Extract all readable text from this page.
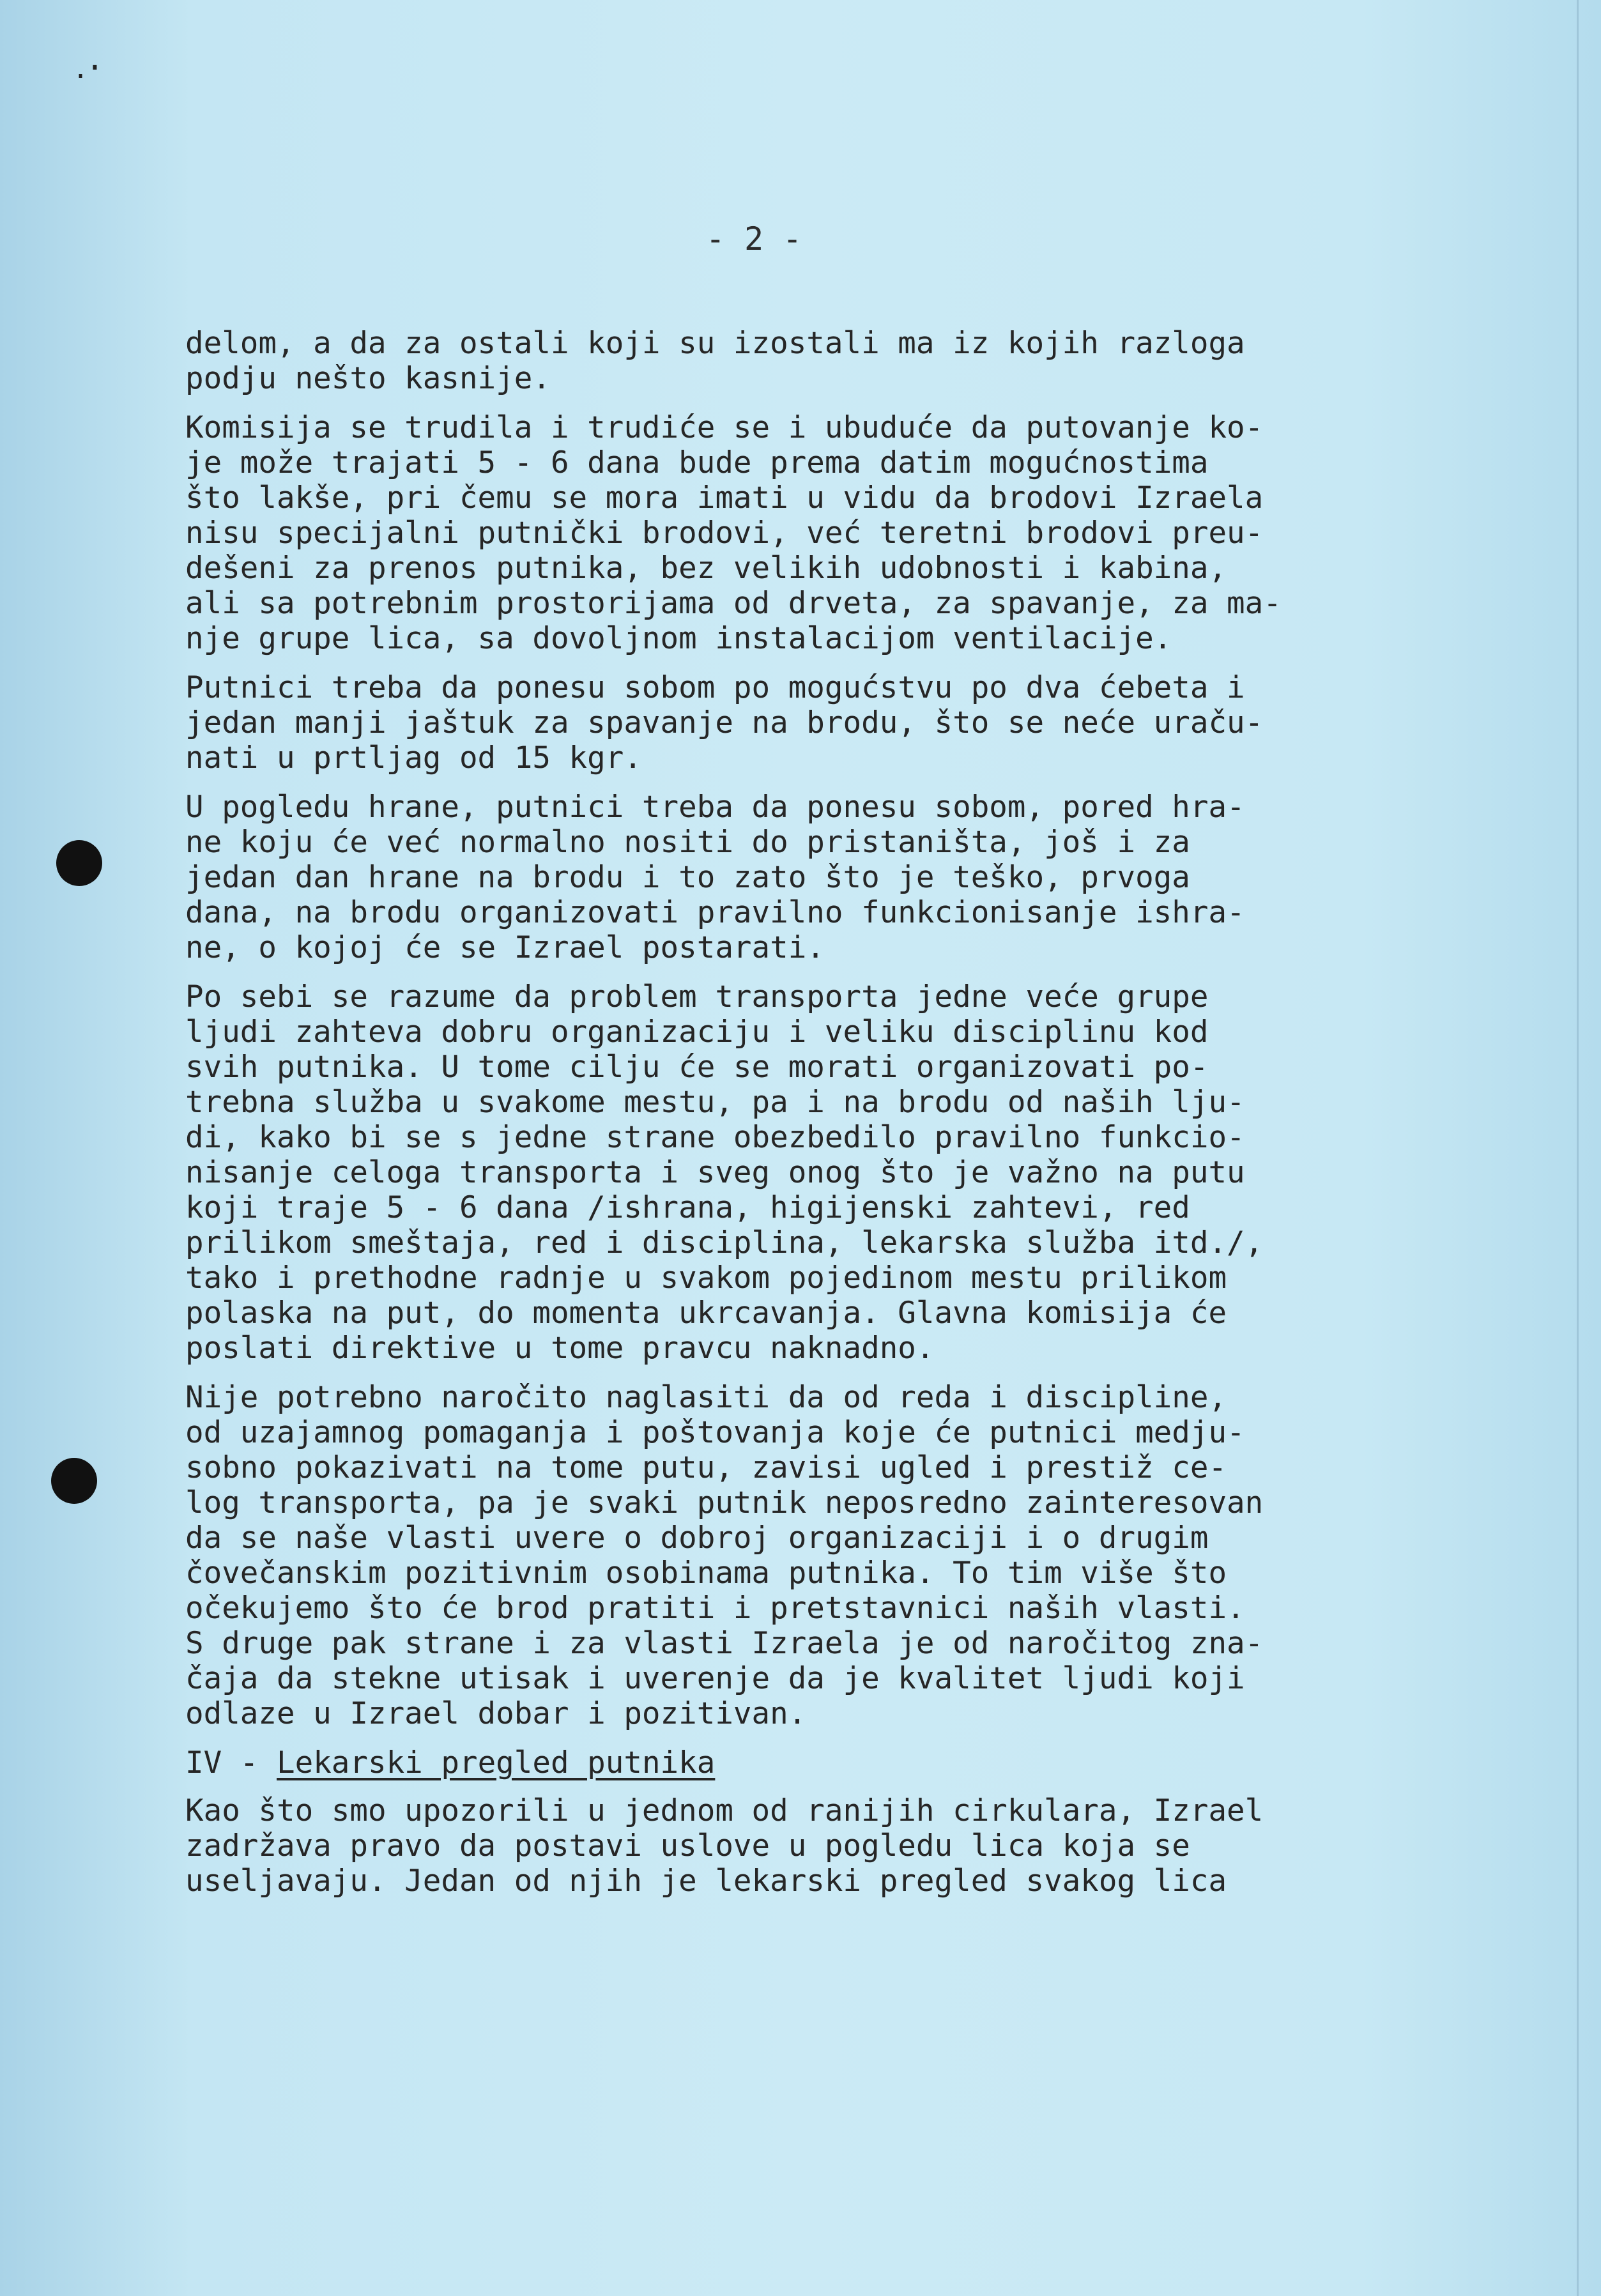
․⋅
- 2 -
delom, a da za ostali koji su izostali ma iz kojih razloga
podju nešto kasnije.
Komisija se trudila i trudiće se i ubuduće da putovanje ko-
je može trajati 5 - 6 dana bude prema datim mogućnostima
što lakše, pri čemu se mora imati u vidu da brodovi Izraela
nisu specijalni putnički brodovi, već teretni brodovi preu-
dešeni za prenos putnika, bez velikih udobnosti i kabina,
ali sa potrebnim prostorijama od drveta, za spavanje, za ma-
nje grupe lica, sa dovoljnom instalacijom ventilacije.
Putnici treba da ponesu sobom po mogućstvu po dva ćebeta i
jedan manji jaštuk za spavanje na brodu, što se neće uraču-
nati u prtljag od 15 kgr.
U pogledu hrane, putnici treba da ponesu sobom, pored hra-
ne koju će već normalno nositi do pristaništa, još i za
jedan dan hrane na brodu i to zato što je teško, prvoga
dana, na brodu organizovati pravilno funkcionisanje ishra-
ne, o kojoj će se Izrael postarati.
Po sebi se razume da problem transporta jedne veće grupe
ljudi zahteva dobru organizaciju i veliku disciplinu kod
svih putnika. U tome cilju će se morati organizovati po-
trebna služba u svakome mestu, pa i na brodu od naših lju-
di, kako bi se s jedne strane obezbedilo pravilno funkcio-
nisanje celoga transporta i sveg onog što je važno na putu
koji traje 5 - 6 dana /ishrana, higijenski zahtevi, red
prilikom smeštaja, red i disciplina, lekarska služba itd./,
tako i prethodne radnje u svakom pojedinom mestu prilikom
polaska na put, do momenta ukrcavanja. Glavna komisija će
poslati direktive u tome pravcu naknadno.
Nije potrebno naročito naglasiti da od reda i discipline,
od uzajamnog pomaganja i poštovanja koje će putnici medju-
sobno pokazivati na tome putu, zavisi ugled i prestiž ce-
log transporta, pa je svaki putnik neposredno zainteresovan
da se naše vlasti uvere o dobroj organizaciji i o drugim
čovečanskim pozitivnim osobinama putnika. To tim više što
očekujemo što će brod pratiti i pretstavnici naših vlasti.
S druge pak strane i za vlasti Izraela je od naročitog zna-
čaja da stekne utisak i uverenje da je kvalitet ljudi koji
odlaze u Izrael dobar i pozitivan.
IV - Lekarski pregled putnika
Kao što smo upozorili u jednom od ranijih cirkulara, Izrael
zadržava pravo da postavi uslove u pogledu lica koja se
useljavaju. Jedan od njih je lekarski pregled svakog lica
